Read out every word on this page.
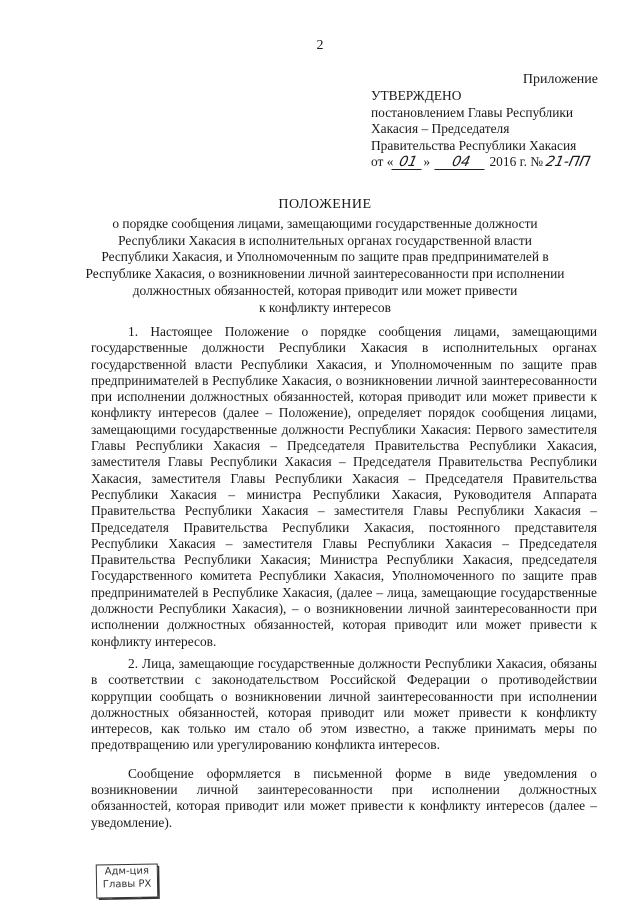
2
Приложение
УТВЕРЖДЕНО
постановлением Главы Республики
Хакасия – Председателя
Правительства Республики Хакасия
от « 01 » 04 2016 г. № 21-ПП
ПОЛОЖЕНИЕ
о порядке сообщения лицами, замещающими государственные должности
Республики Хакасия в исполнительных органах государственной власти
Республики Хакасия, и Уполномоченным по защите прав предпринимателей в
Республике Хакасия, о возникновении личной заинтересованности при исполнении
должностных обязанностей, которая приводит или может привести
к конфликту интересов

1. Настоящее Положение о порядке сообщения лицами, замещающими государственные должности Республики Хакасия в исполнительных органах государственной власти Республики Хакасия, и Уполномоченным по защите прав предпринимателей в Республике Хакасия, о возникновении личной заинтересованности при исполнении должностных обязанностей, которая приводит или может привести к конфликту интересов (далее – Положение), определяет порядок сообщения лицами, замещающими государственные должности Республики Хакасия: Первого заместителя Главы Республики Хакасия – Председателя Правительства Республики Хакасия, заместителя Главы Республики Хакасия – Председателя Правительства Республики Хакасия, заместителя Главы Республики Хакасия – Председателя Правительства Республики Хакасия – министра Республики Хакасия, Руководителя Аппарата Правительства Республики Хакасия – заместителя Главы Республики Хакасия – Председателя Правительства Республики Хакасия, постоянного представителя Республики Хакасия – заместителя Главы Республики Хакасия – Председателя Правительства Республики Хакасия; Министра Республики Хакасия, председателя Государственного комитета Республики Хакасия, Уполномоченного по защите прав предпринимателей в Республике Хакасия, (далее – лица, замещающие государственные должности Республики Хакасия), – о возникновении личной заинтересованности при исполнении должностных обязанностей, которая приводит или может привести к конфликту интересов.

2. Лица, замещающие государственные должности Республики Хакасия, обязаны в соответствии с законодательством Российской Федерации о противодействии коррупции сообщать о возникновении личной заинтересованности при исполнении должностных обязанностей, которая приводит или может привести к конфликту интересов, как только им стало об этом известно, а также принимать меры по предотвращению или урегулированию конфликта интересов.

Сообщение оформляется в письменной форме в виде уведомления о возникновении личной заинтересованности при исполнении должностных обязанностей, которая приводит или может привести к конфликту интересов (далее – уведомление).

Адм-ция
Главы РХ
